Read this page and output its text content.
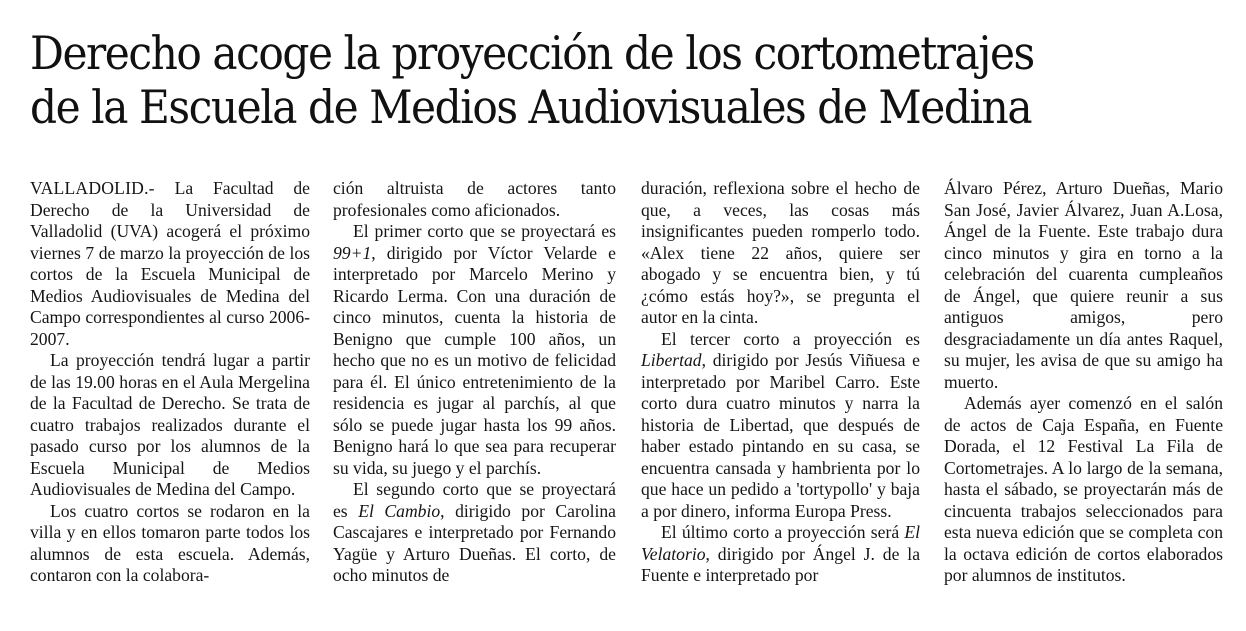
Derecho acoge la proyección de los cortometrajes
de la Escuela de Medios Audiovisuales de Medina

VALLADOLID.- La Facultad de Derecho de la Universidad de Valladolid (UVA) acogerá el próximo viernes 7 de marzo la proyección de los cortos de la Escuela Municipal de Medios Audiovisuales de Medina del Campo correspondientes al curso 2006-2007.

La proyección tendrá lugar a partir de las 19.00 horas en el Aula Mergelina de la Facultad de Derecho. Se trata de cuatro trabajos realizados durante el pasado curso por los alumnos de la Escuela Municipal de Medios Audiovisuales de Medina del Campo.

Los cuatro cortos se rodaron en la villa y en ellos tomaron parte todos los alumnos de esta escuela. Además, contaron con la colabora-

ción altruista de actores tanto profesionales como aficionados.

El primer corto que se proyectará es 99+1, dirigido por Víctor Velarde e interpretado por Marcelo Merino y Ricardo Lerma. Con una duración de cinco minutos, cuenta la historia de Benigno que cumple 100 años, un hecho que no es un motivo de felicidad para él. El único entretenimiento de la residencia es jugar al parchís, al que sólo se puede jugar hasta los 99 años. Benigno hará lo que sea para recuperar su vida, su juego y el parchís.

El segundo corto que se proyectará es El Cambio, dirigido por Carolina Cascajares e interpretado por Fernando Yagüe y Arturo Dueñas. El corto, de ocho minutos de

duración, reflexiona sobre el hecho de que, a veces, las cosas más insignificantes pueden romperlo todo. «Alex tiene 22 años, quiere ser abogado y se encuentra bien, y tú ¿cómo estás hoy?», se pregunta el autor en la cinta.

El tercer corto a proyección es Libertad, dirigido por Jesús Viñuesa e interpretado por Maribel Carro. Este corto dura cuatro minutos y narra la historia de Libertad, que después de haber estado pintando en su casa, se encuentra cansada y hambrienta por lo que hace un pedido a 'tortypollo' y baja a por dinero, informa Europa Press.

El último corto a proyección será El Velatorio, dirigido por Ángel J. de la Fuente e interpretado por

Álvaro Pérez, Arturo Dueñas, Mario San José, Javier Álvarez, Juan A.Losa, Ángel de la Fuente. Este trabajo dura cinco minutos y gira en torno a la celebración del cuarenta cumpleaños de Ángel, que quiere reunir a sus antiguos amigos, pero desgraciadamente un día antes Raquel, su mujer, les avisa de que su amigo ha muerto.

Además ayer comenzó en el salón de actos de Caja España, en Fuente Dorada, el 12 Festival La Fila de Cortometrajes. A lo largo de la semana, hasta el sábado, se proyectarán más de cincuenta trabajos seleccionados para esta nueva edición que se completa con la octava edición de cortos elaborados por alumnos de institutos.
